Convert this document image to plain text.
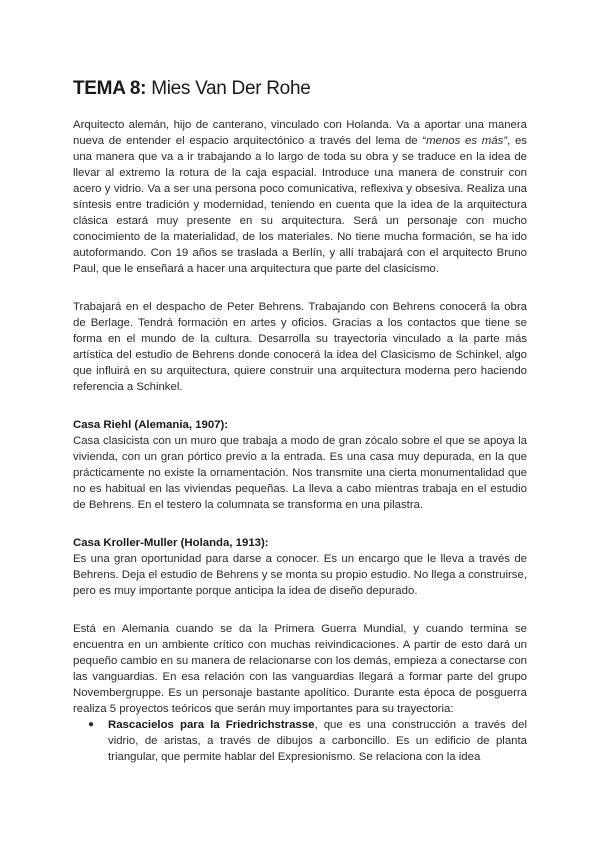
TEMA 8: Mies Van Der Rohe

Arquitecto alemán, hijo de canterano, vinculado con Holanda. Va a aportar una manera nueva de entender el espacio arquitectónico a través del lema de “menos es más”, es una manera que va a ir trabajando a lo largo de toda su obra y se traduce en la idea de llevar al extremo la rotura de la caja espacial. Introduce una manera de construir con acero y vidrio. Va a ser una persona poco comunicativa, reflexiva y obsesiva. Realiza una síntesis entre tradición y modernidad, teniendo en cuenta que la idea de la arquitectura clásica estará muy presente en su arquitectura. Será un personaje con mucho conocimiento de la materialidad, de los materiales. No tiene mucha formación, se ha ido autoformando. Con 19 años se traslada a Berlín, y allí trabajará con el arquitecto Bruno Paul, que le enseñará a hacer una arquitectura que parte del clasicismo.

Trabajará en el despacho de Peter Behrens. Trabajando con Behrens conocerá la obra de Berlage. Tendrá formación en artes y oficios. Gracias a los contactos que tiene se forma en el mundo de la cultura. Desarrolla su trayectoria vinculado a la parte más artística del estudio de Behrens donde conocerá la idea del Clasicismo de Schinkel, algo que influirá en su arquitectura, quiere construir una arquitectura moderna pero haciendo referencia a Schinkel.

Casa Riehl (Alemania, 1907):

Casa clasicista con un muro que trabaja a modo de gran zócalo sobre el que se apoya la vivienda, con un gran pórtico previo a la entrada. Es una casa muy depurada, en la que prácticamente no existe la ornamentación. Nos transmite una cierta monumentalidad que no es habitual en las viviendas pequeñas. La lleva a cabo mientras trabaja en el estudio de Behrens. En el testero la columnata se transforma en una pilastra.

Casa Kroller-Muller (Holanda, 1913):

Es una gran oportunidad para darse a conocer. Es un encargo que le lleva a través de Behrens. Deja el estudio de Behrens y se monta su propio estudio. No llega a construirse, pero es muy importante porque anticipa la idea de diseño depurado.

Está en Alemania cuando se da la Primera Guerra Mundial, y cuando termina se encuentra en un ambiente crítico con muchas reivindicaciones. A partir de esto dará un pequeño cambio en su manera de relacionarse con los demás, empieza a conectarse con las vanguardias. En esa relación con las vanguardias llegará a formar parte del grupo Novembergruppe. Es un personaje bastante apolítico. Durante esta época de posguerra realiza 5 proyectos teóricos que serán muy importantes para su trayectoria:

● Rascacielos para la Friedrichstrasse, que es una construcción a través del vidrio, de aristas, a través de dibujos a carboncillo. Es un edificio de planta triangular, que permite hablar del Expresionismo. Se relaciona con la idea
